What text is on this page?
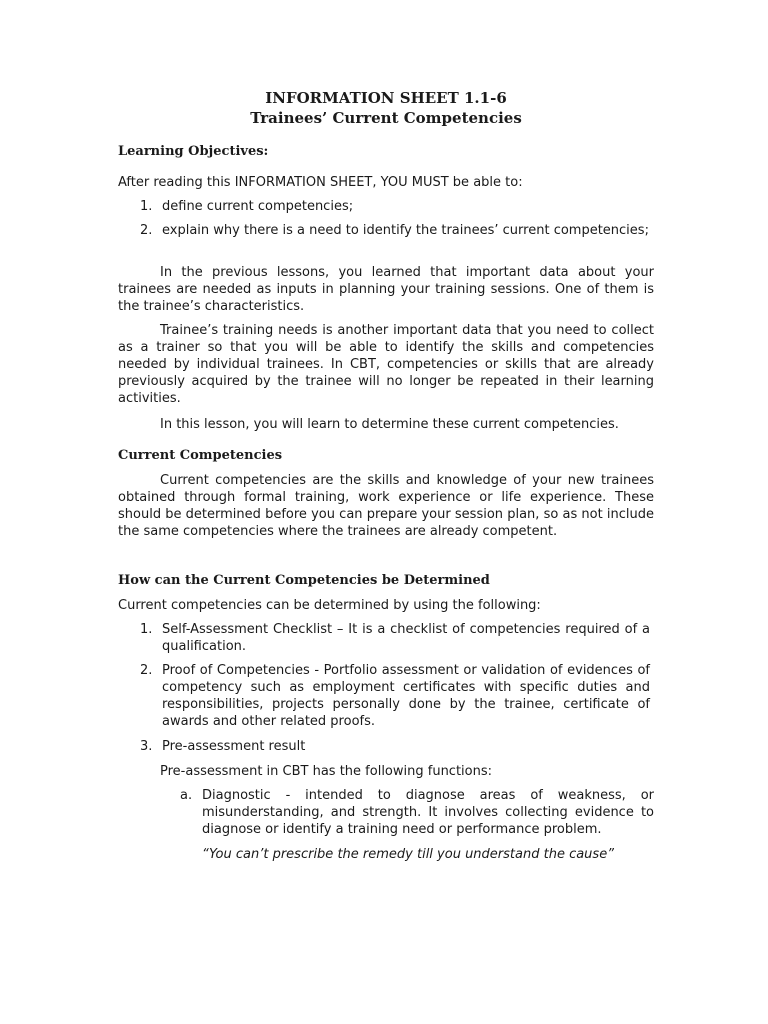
INFORMATION SHEET 1.1-6
Trainees’ Current Competencies
Learning Objectives:
After reading this INFORMATION SHEET, YOU MUST be able to:
1. define current competencies;
2. explain why there is a need to identify the trainees’ current competencies;
In the previous lessons, you learned that important data about your trainees are needed as inputs in planning your training sessions. One of them is the trainee’s characteristics.
Trainee’s training needs is another important data that you need to collect as a trainer so that you will be able to identify the skills and competencies needed by individual trainees. In CBT, competencies or skills that are already previously acquired by the trainee will no longer be repeated in their learning activities.
In this lesson, you will learn to determine these current competencies.
Current Competencies
Current competencies are the skills and knowledge of your new trainees obtained through formal training, work experience or life experience. These should be determined before you can prepare your session plan, so as not include the same competencies where the trainees are already competent.
How can the Current Competencies be Determined
Current competencies can be determined by using the following:
1. Self-Assessment Checklist – It is a checklist of competencies required of a qualification.
2. Proof of Competencies - Portfolio assessment or validation of evidences of competency such as employment certificates with specific duties and responsibilities, projects personally done by the trainee, certificate of awards and other related proofs.
3. Pre-assessment result
Pre-assessment in CBT has the following functions:
a. Diagnostic - intended to diagnose areas of weakness, or misunderstanding, and strength. It involves collecting evidence to diagnose or identify a training need or performance problem.
“You can’t prescribe the remedy till you understand the cause”
